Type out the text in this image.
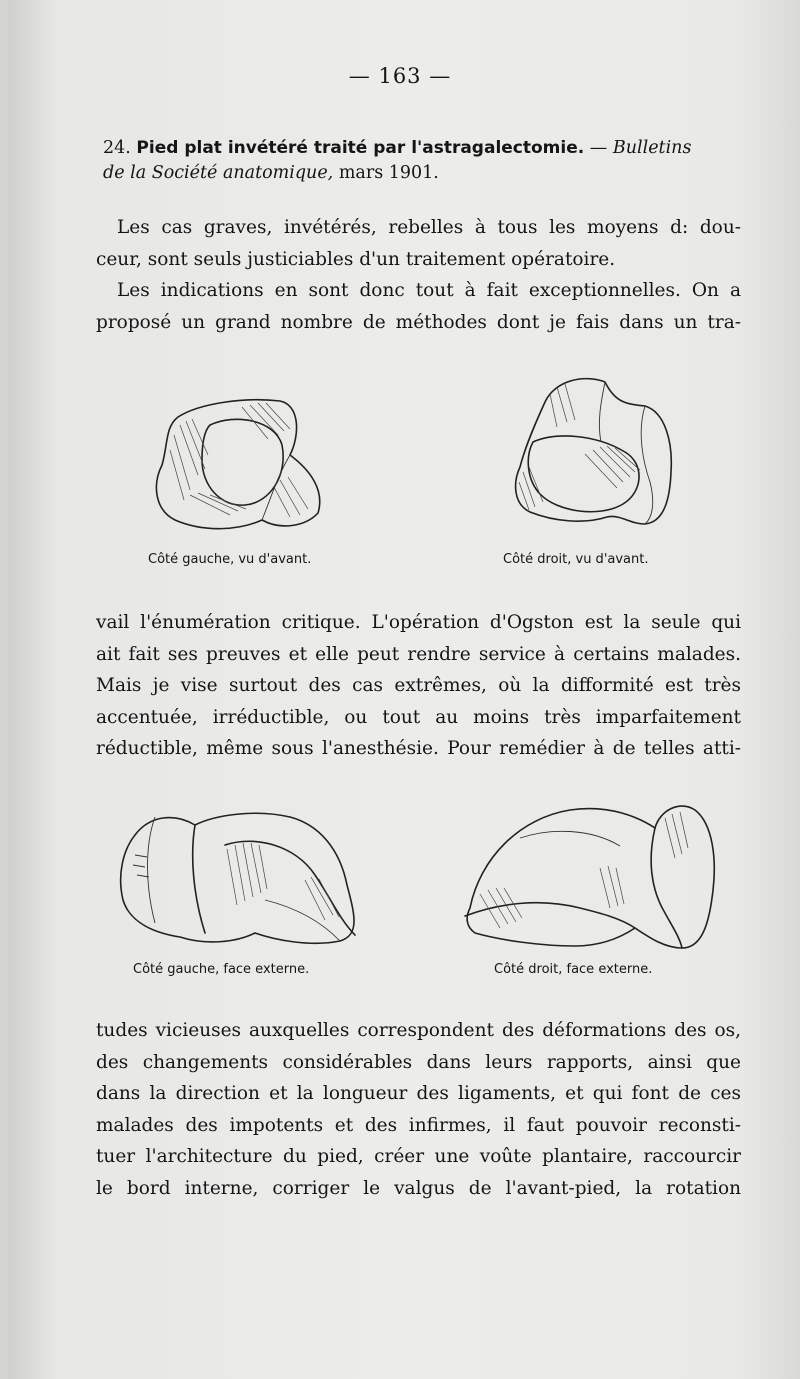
— 163 —
24. Pied plat invétéré traité par l'astragalectomie. — Bulletins
de la Société anatomique, mars 1901.
Les cas graves, invétérés, rebelles à tous les moyens d: dou-
ceur, sont seuls justiciables d'un traitement opératoire.
Les indications en sont donc tout à fait exceptionnelles. On a
proposé un grand nombre de méthodes dont je fais dans un tra-
Côté gauche, vu d'avant.	Côté droit, vu d'avant.
vail l'énumération critique. L'opération d'Ogston est la seule qui
ait fait ses preuves et elle peut rendre service à certains malades.
Mais je vise surtout des cas extrêmes, où la difformité est très
accentuée, irréductible, ou tout au moins très imparfaitement
réductible, même sous l'anesthésie. Pour remédier à de telles atti-
Côté gauche, face externe.	Côté droit, face externe.
tudes vicieuses auxquelles correspondent des déformations des os,
des changements considérables dans leurs rapports, ainsi que
dans la direction et la longueur des ligaments, et qui font de ces
malades des impotents et des infirmes, il faut pouvoir reconsti-
tuer l'architecture du pied, créer une voûte plantaire, raccourcir
le bord interne, corriger le valgus de l'avant-pied, la rotation
